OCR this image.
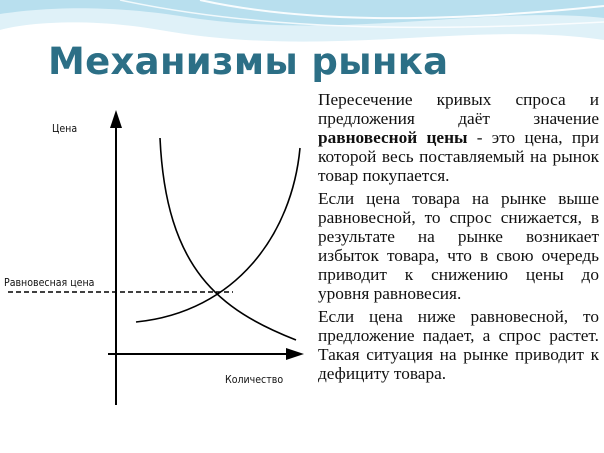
Механизмы рынка
Цена
Равновесная цена
Количество

Пересечение кривых спроса и предложения даёт значение равновесной цены - это цена, при которой весь поставляемый на рынок товар покупается.

Если цена товара на рынке выше равновесной, то спрос снижается, в результате на рынке возникает избыток товара, что в свою очередь приводит к снижению цены до уровня равновесия.

Если цена ниже равновесной, то предложение падает, а спрос растет. Такая ситуация на рынке приводит к дефициту товара.
